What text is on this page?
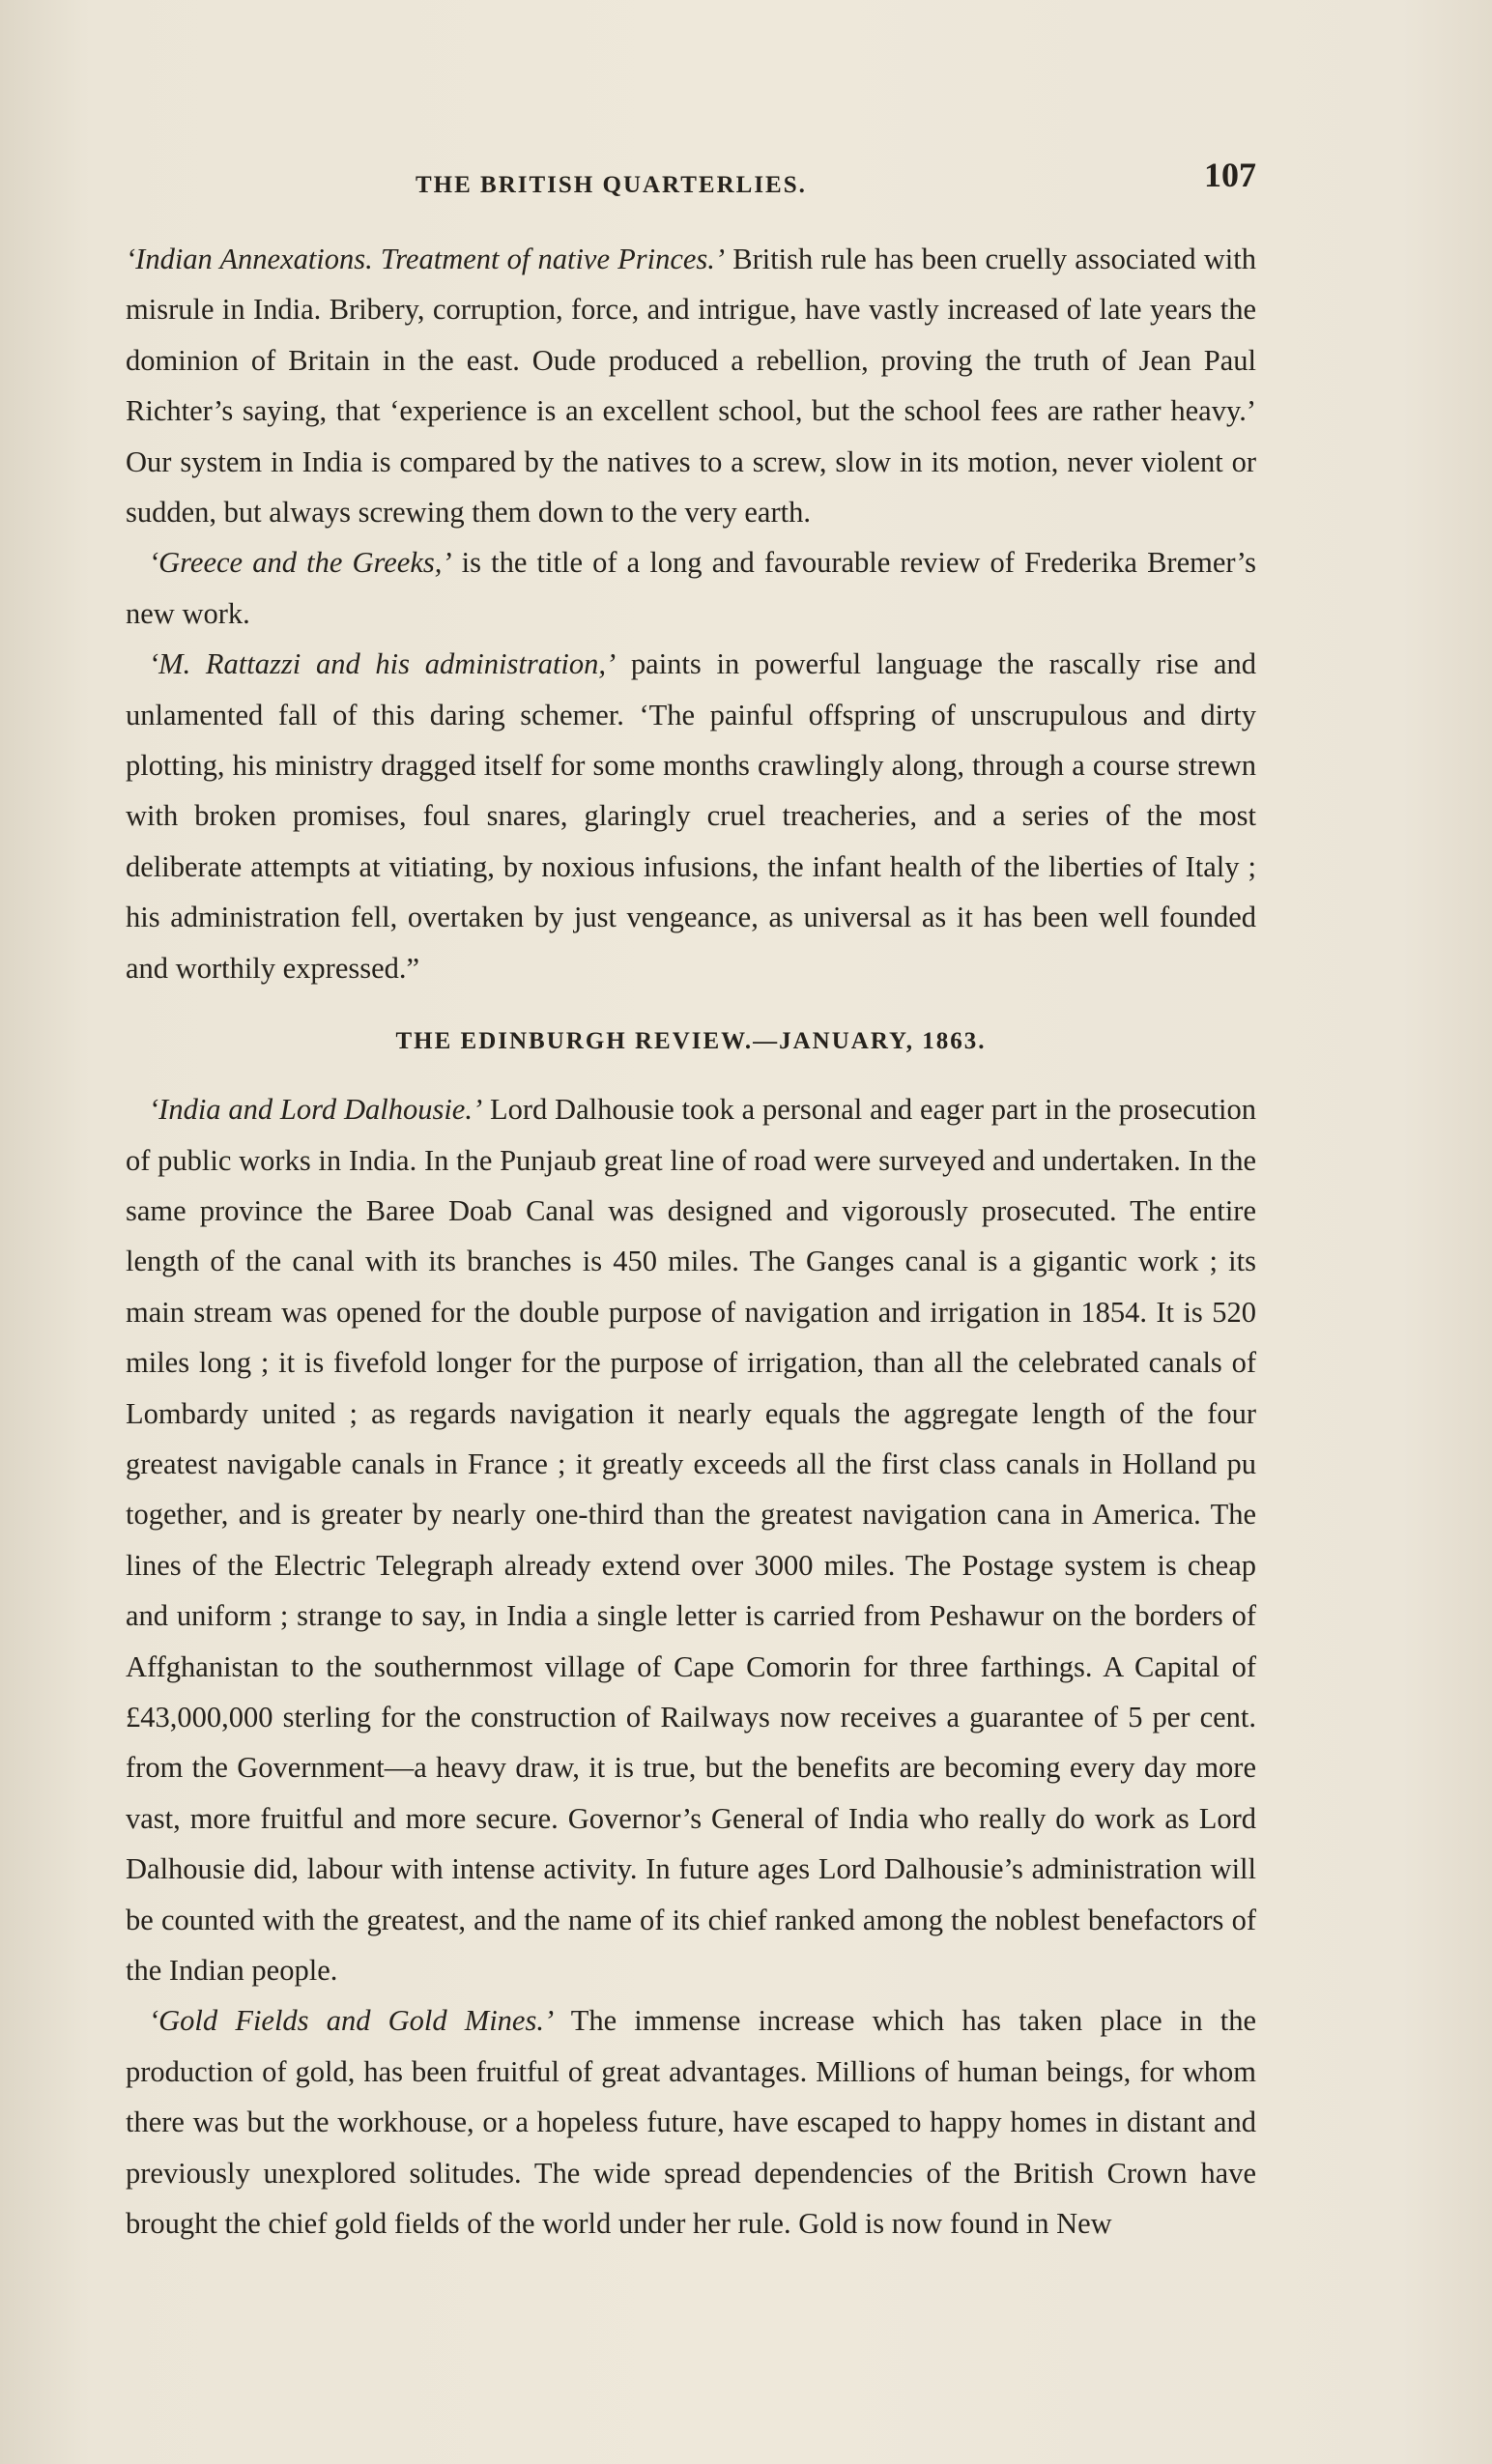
THE BRITISH QUARTERLIES.	107

‘Indian Annexations. Treatment of native Princes.’ British rule has been cruelly associated with misrule in India. Bribery, corruption, force, and intrigue, have vastly increased of late years the dominion of Britain in the east. Oude produced a rebellion, proving the truth of Jean Paul Richter’s saying, that ‘experience is an excellent school, but the school fees are rather heavy.’ Our system in India is compared by the natives to a screw, slow in its motion, never violent or sudden, but always screwing them down to the very earth.

‘Greece and the Greeks,’ is the title of a long and favourable review of Frederika Bremer’s new work.

‘M. Rattazzi and his administration,’ paints in powerful language the rascally rise and unlamented fall of this daring schemer. ‘The painful offspring of unscrupulous and dirty plotting, his ministry dragged itself for some months crawlingly along, through a course strewn with broken promises, foul snares, glaringly cruel treacheries, and a series of the most deliberate attempts at vitiating, by noxious infusions, the infant health of the liberties of Italy ; his administration fell, overtaken by just vengeance, as universal as it has been well founded and worthily expressed.”

THE EDINBURGH REVIEW.—JANUARY, 1863.

‘India and Lord Dalhousie.’ Lord Dalhousie took a personal and eager part in the prosecution of public works in India. In the Punjaub great line of road were surveyed and undertaken. In the same province the Baree Doab Canal was designed and vigorously prosecuted. The entire length of the canal with its branches is 450 miles. The Ganges canal is a gigantic work ; its main stream was opened for the double purpose of navigation and irrigation in 1854. It is 520 miles long ; it is fivefold longer for the purpose of irrigation, than all the celebrated canals of Lombardy united ; as regards navigation it nearly equals the aggregate length of the four greatest navigable canals in France ; it greatly exceeds all the first class canals in Holland pu together, and is greater by nearly one-third than the greatest navigation cana in America. The lines of the Electric Telegraph already extend over 3000 miles. The Postage system is cheap and uniform ; strange to say, in India a single letter is carried from Peshawur on the borders of Affghanistan to the southernmost village of Cape Comorin for three farthings. A Capital of £43,000,000 sterling for the construction of Railways now receives a guarantee of 5 per cent. from the Government—a heavy draw, it is true, but the benefits are becoming every day more vast, more fruitful and more secure. Governor’s General of India who really do work as Lord Dalhousie did, labour with intense activity. In future ages Lord Dalhousie’s administration will be counted with the greatest, and the name of its chief ranked among the noblest benefactors of the Indian people.

‘Gold Fields and Gold Mines.’ The immense increase which has taken place in the production of gold, has been fruitful of great advantages. Millions of human beings, for whom there was but the workhouse, or a hopeless future, have escaped to happy homes in distant and previously unexplored solitudes. The wide spread dependencies of the British Crown have brought the chief gold fields of the world under her rule. Gold is now found in New
